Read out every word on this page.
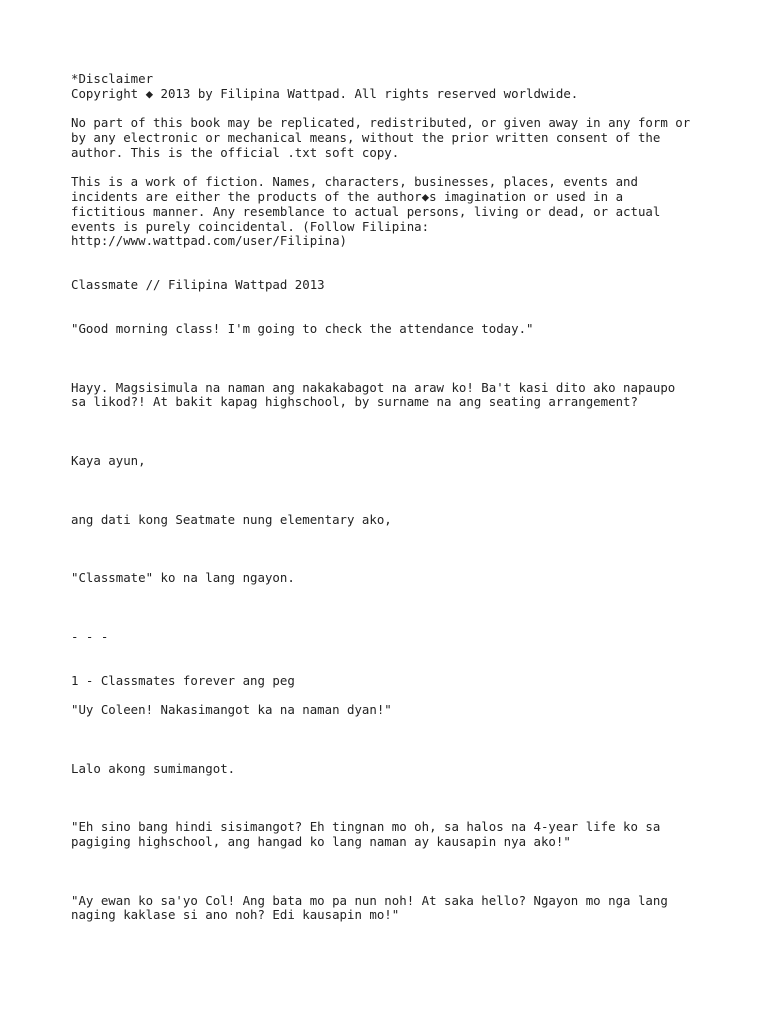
*Disclaimer

Copyright ◆ 2013 by Filipina Wattpad. All rights reserved worldwide.

No part of this book may be replicated, redistributed, or given away in any form or

by any electronic or mechanical means, without the prior written consent of the

author. This is the official .txt soft copy.

This is a work of fiction. Names, characters, businesses, places, events and

incidents are either the products of the author◆s imagination or used in a

fictitious manner. Any resemblance to actual persons, living or dead, or actual

events is purely coincidental. (Follow Filipina:

http://www.wattpad.com/user/Filipina)

Classmate // Filipina Wattpad 2013

"Good morning class! I'm going to check the attendance today."

Hayy. Magsisimula na naman ang nakakabagot na araw ko! Ba't kasi dito ako napaupo

sa likod?! At bakit kapag highschool, by surname na ang seating arrangement?

Kaya ayun,

ang dati kong Seatmate nung elementary ako,

"Classmate" ko na lang ngayon.

- - -

1 - Classmates forever ang peg

"Uy Coleen! Nakasimangot ka na naman dyan!"

Lalo akong sumimangot.

"Eh sino bang hindi sisimangot? Eh tingnan mo oh, sa halos na 4-year life ko sa

pagiging highschool, ang hangad ko lang naman ay kausapin nya ako!"

"Ay ewan ko sa'yo Col! Ang bata mo pa nun noh! At saka hello? Ngayon mo nga lang

naging kaklase si ano noh? Edi kausapin mo!"
